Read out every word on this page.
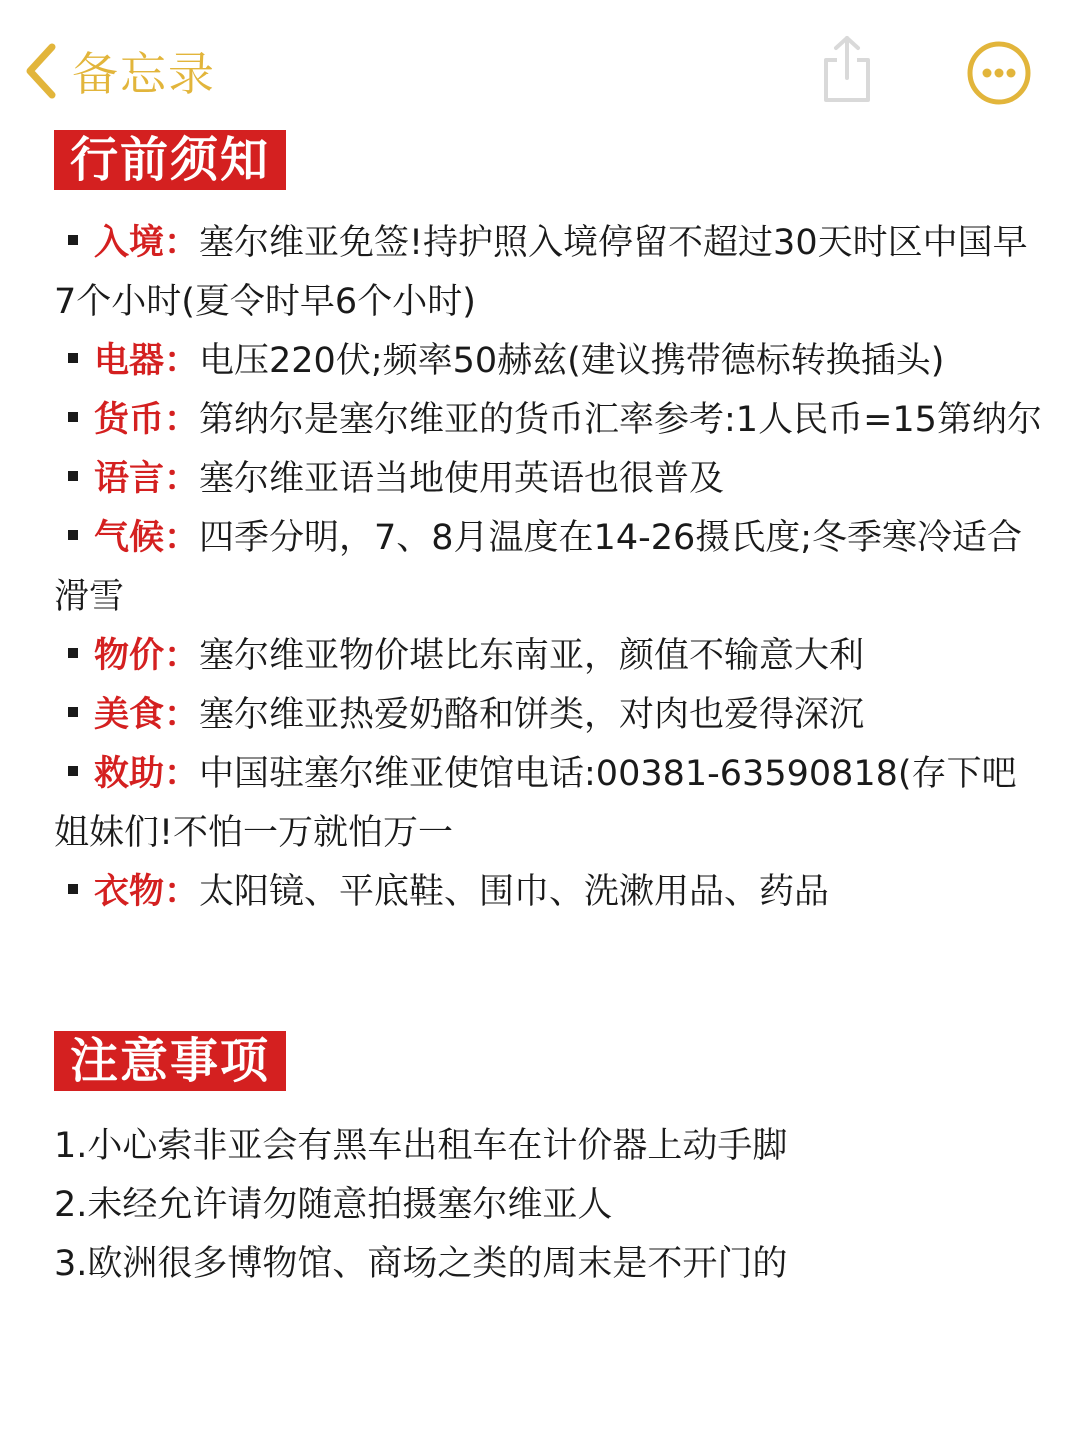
备忘录
行前须知
入境：塞尔维亚免签!持护照入境停留不超过30天时区中国早7个小时(夏令时早6个小时)
电器：电压220伏;频率50赫兹(建议携带德标转换插头)
货币：第纳尔是塞尔维亚的货币汇率参考:1人民币=15第纳尔
语言：塞尔维亚语当地使用英语也很普及
气候：四季分明，7、8月温度在14-26摄氏度;冬季寒冷适合滑雪
物价：塞尔维亚物价堪比东南亚，颜值不输意大利
美食：塞尔维亚热爱奶酪和饼类，对肉也爱得深沉
救助：中国驻塞尔维亚使馆电话:00381-63590818(存下吧姐妹们!不怕一万就怕万一
衣物：太阳镜、平底鞋、围巾、洗漱用品、药品
注意事项
1.小心索非亚会有黑车出租车在计价器上动手脚
2.未经允许请勿随意拍摄塞尔维亚人
3.欧洲很多博物馆、商场之类的周末是不开门的
